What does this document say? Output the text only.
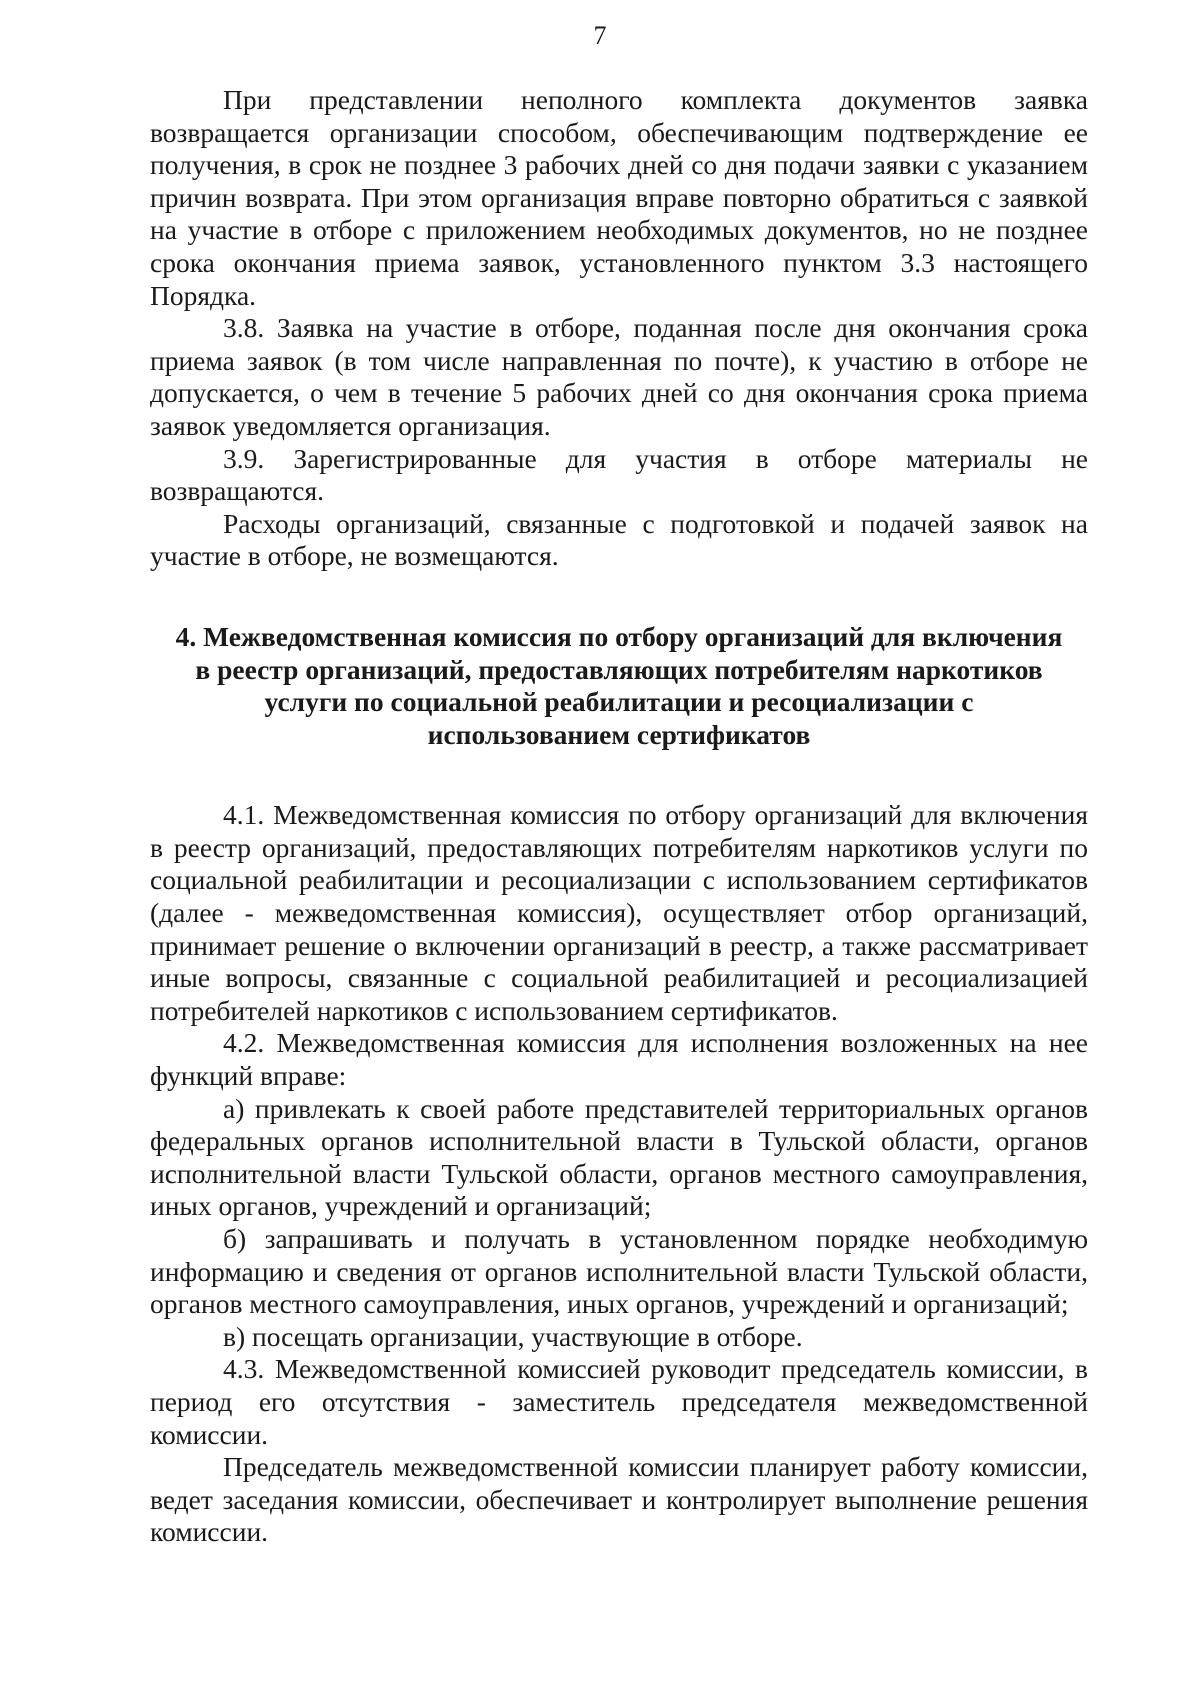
7

При представлении неполного комплекта документов заявка возвращается организации способом, обеспечивающим подтверждение ее получения, в срок не позднее 3 рабочих дней со дня подачи заявки с указанием причин возврата. При этом организация вправе повторно обратиться с заявкой на участие в отборе с приложением необходимых документов, но не позднее срока окончания приема заявок, установленного пунктом 3.3 настоящего Порядка.

3.8. Заявка на участие в отборе, поданная после дня окончания срока приема заявок (в том числе направленная по почте), к участию в отборе не допускается, о чем в течение 5 рабочих дней со дня окончания срока приема заявок уведомляется организация.

3.9. Зарегистрированные для участия в отборе материалы не возвращаются.

Расходы организаций, связанные с подготовкой и подачей заявок на участие в отборе, не возмещаются.

4. Межведомственная комиссия по отбору организаций для включения
в реестр организаций, предоставляющих потребителям наркотиков
услуги по социальной реабилитации и ресоциализации с
использованием сертификатов

4.1. Межведомственная комиссия по отбору организаций для включения в реестр организаций, предоставляющих потребителям наркотиков услуги по социальной реабилитации и ресоциализации с использованием сертификатов (далее - межведомственная комиссия), осуществляет отбор организаций, принимает решение о включении организаций в реестр, а также рассматривает иные вопросы, связанные с социальной реабилитацией и ресоциализацией потребителей наркотиков с использованием сертификатов.

4.2. Межведомственная комиссия для исполнения возложенных на нее функций вправе:

а) привлекать к своей работе представителей территориальных органов федеральных органов исполнительной власти в Тульской области, органов исполнительной власти Тульской области, органов местного самоуправления, иных органов, учреждений и организаций;

б) запрашивать и получать в установленном порядке необходимую информацию и сведения от органов исполнительной власти Тульской области, органов местного самоуправления, иных органов, учреждений и организаций;

в) посещать организации, участвующие в отборе.

4.3. Межведомственной комиссией руководит председатель комиссии, в период его отсутствия - заместитель председателя межведомственной комиссии.

Председатель межведомственной комиссии планирует работу комиссии, ведет заседания комиссии, обеспечивает и контролирует выполнение решения комиссии.
